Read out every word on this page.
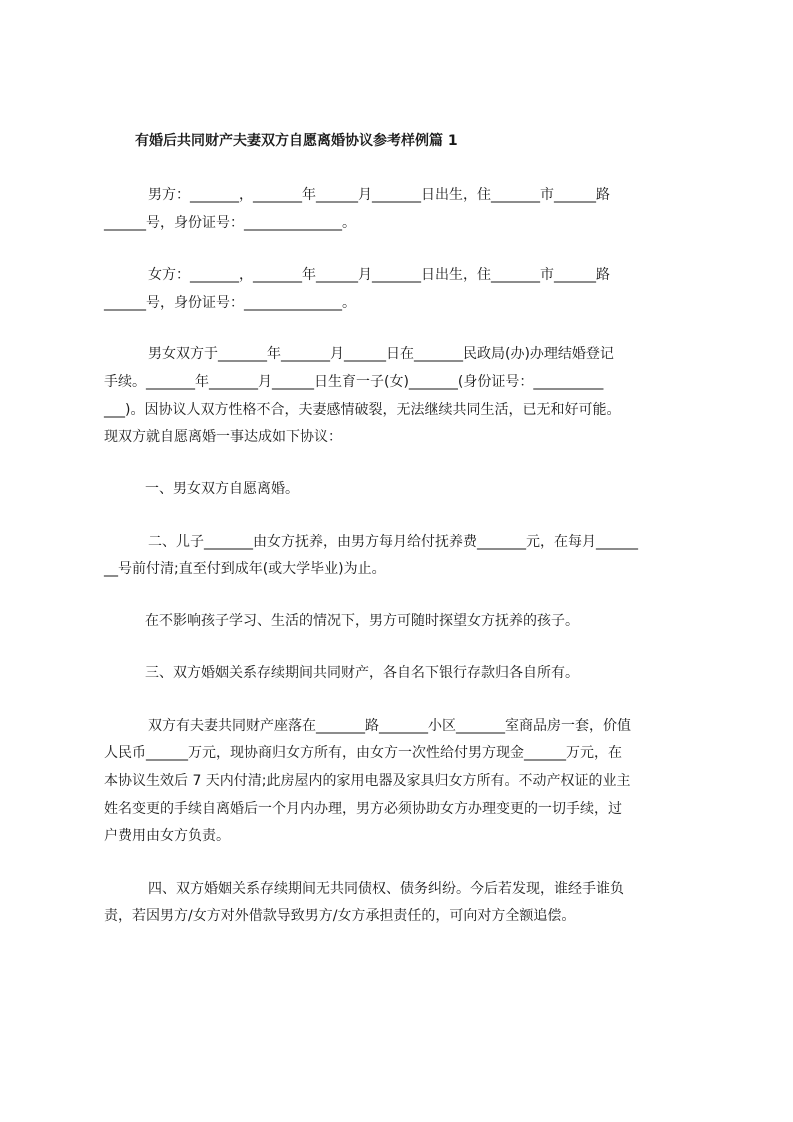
有婚后共同财产夫妻双方自愿离婚协议参考样例篇 1
男方：_______，_______年______月_______日出生，住_______市______路
______号，身份证号：______________。
女方：_______，_______年______月_______日出生，住_______市______路
______号，身份证号：______________。
男女双方于_______年_______月______日在_______民政局(办)办理结婚登记
手续。_______年_______月______日生育一子(女)_______(身份证号：__________
___)。因协议人双方性格不合，夫妻感情破裂，无法继续共同生活，已无和好可能。
现双方就自愿离婚一事达成如下协议：
一、男女双方自愿离婚。
二、儿子_______由女方抚养，由男方每月给付抚养费_______元，在每月______
__号前付清;直至付到成年(或大学毕业)为止。
在不影响孩子学习、生活的情况下，男方可随时探望女方抚养的孩子。
三、双方婚姻关系存续期间共同财产，各自名下银行存款归各自所有。
双方有夫妻共同财产座落在_______路_______小区_______室商品房一套，价值
人民币______万元，现协商归女方所有，由女方一次性给付男方现金______万元，在
本协议生效后 7 天内付清;此房屋内的家用电器及家具归女方所有。不动产权证的业主
姓名变更的手续自离婚后一个月内办理，男方必须协助女方办理变更的一切手续，过
户费用由女方负责。
四、双方婚姻关系存续期间无共同债权、债务纠纷。今后若发现，谁经手谁负
责，若因男方/女方对外借款导致男方/女方承担责任的，可向对方全额追偿。
